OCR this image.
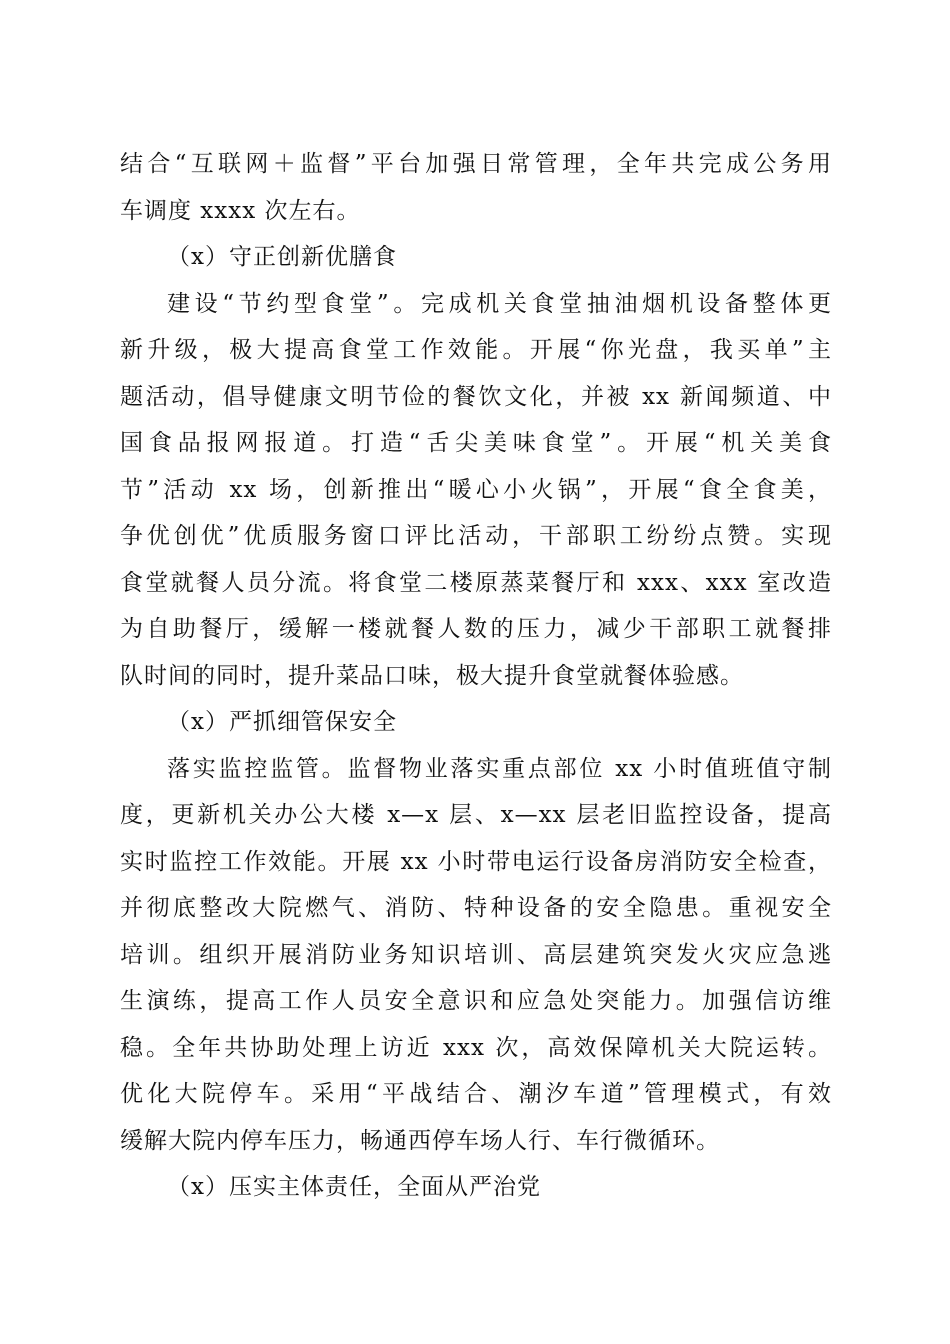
结合“互联网＋监督”平台加强日常管理，全年共完成公务用
车调度 xxxx 次左右。
（x）守正创新优膳食
建设“节约型食堂”。完成机关食堂抽油烟机设备整体更
新升级，极大提高食堂工作效能。开展“你光盘，我买单”主
题活动，倡导健康文明节俭的餐饮文化，并被 xx 新闻频道、中
国食品报网报道。打造“舌尖美味食堂”。开展“机关美食
节”活动 xx 场，创新推出“暖心小火锅”，开展“食全食美，
争优创优”优质服务窗口评比活动，干部职工纷纷点赞。实现
食堂就餐人员分流。将食堂二楼原蒸菜餐厅和 xxx、xxx 室改造
为自助餐厅，缓解一楼就餐人数的压力，减少干部职工就餐排
队时间的同时，提升菜品口味，极大提升食堂就餐体验感。
（x）严抓细管保安全
落实监控监管。监督物业落实重点部位 xx 小时值班值守制
度，更新机关办公大楼 x—x 层、x—xx 层老旧监控设备，提高
实时监控工作效能。开展 xx 小时带电运行设备房消防安全检查，
并彻底整改大院燃气、消防、特种设备的安全隐患。重视安全
培训。组织开展消防业务知识培训、高层建筑突发火灾应急逃
生演练，提高工作人员安全意识和应急处突能力。加强信访维
稳。全年共协助处理上访近 xxx 次，高效保障机关大院运转。
优化大院停车。采用“平战结合、潮汐车道”管理模式，有效
缓解大院内停车压力，畅通西停车场人行、车行微循环。
（x）压实主体责任，全面从严治党
